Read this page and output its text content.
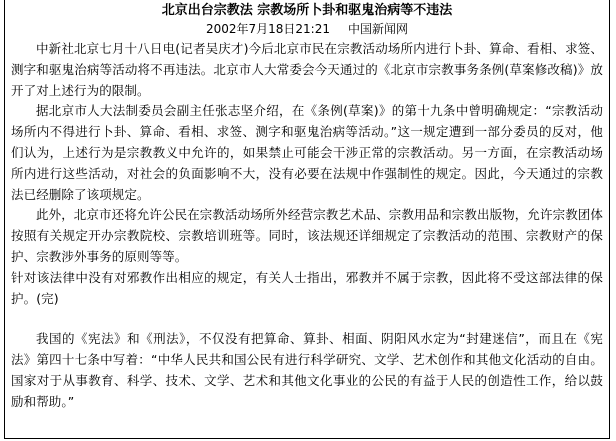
北京出台宗教法 宗教场所卜卦和驱鬼治病等不违法
2002年7月18日21:21 中国新闻网

中新社北京七月十八日电(记者吴庆才)今后北京市民在宗教活动场所内进行卜卦、算命、看相、求签、测字和驱鬼治病等活动将不再违法。北京市人大常委会今天通过的《北京市宗教事务条例(草案修改稿)》放开了对上述行为的限制。

据北京市人大法制委员会副主任张志坚介绍，在《条例(草案)》的第十九条中曾明确规定：“宗教活动场所内不得进行卜卦、算命、看相、求签、测字和驱鬼治病等活动。”这一规定遭到一部分委员的反对，他们认为，上述行为是宗教教义中允许的，如果禁止可能会干涉正常的宗教活动。另一方面，在宗教活动场所内进行这些活动，对社会的负面影响不大，没有必要在法规中作强制性的规定。因此，今天通过的宗教法已经删除了该项规定。

此外，北京市还将允许公民在宗教活动场所外经营宗教艺术品、宗教用品和宗教出版物，允许宗教团体按照有关规定开办宗教院校、宗教培训班等。同时，该法规还详细规定了宗教活动的范围、宗教财产的保护、宗教涉外事务的原则等等。

针对该法律中没有对邪教作出相应的规定，有关人士指出，邪教并不属于宗教，因此将不受这部法律的保护。(完)

我国的《宪法》和《刑法》，不仅没有把算命、算卦、相面、阴阳风水定为“封建迷信”，而且在《宪法》第四十七条中写着：“中华人民共和国公民有进行科学研究、文学、艺术创作和其他文化活动的自由。国家对于从事教育、科学、技术、文学、艺术和其他文化事业的公民的有益于人民的创造性工作，给以鼓励和帮助。”
